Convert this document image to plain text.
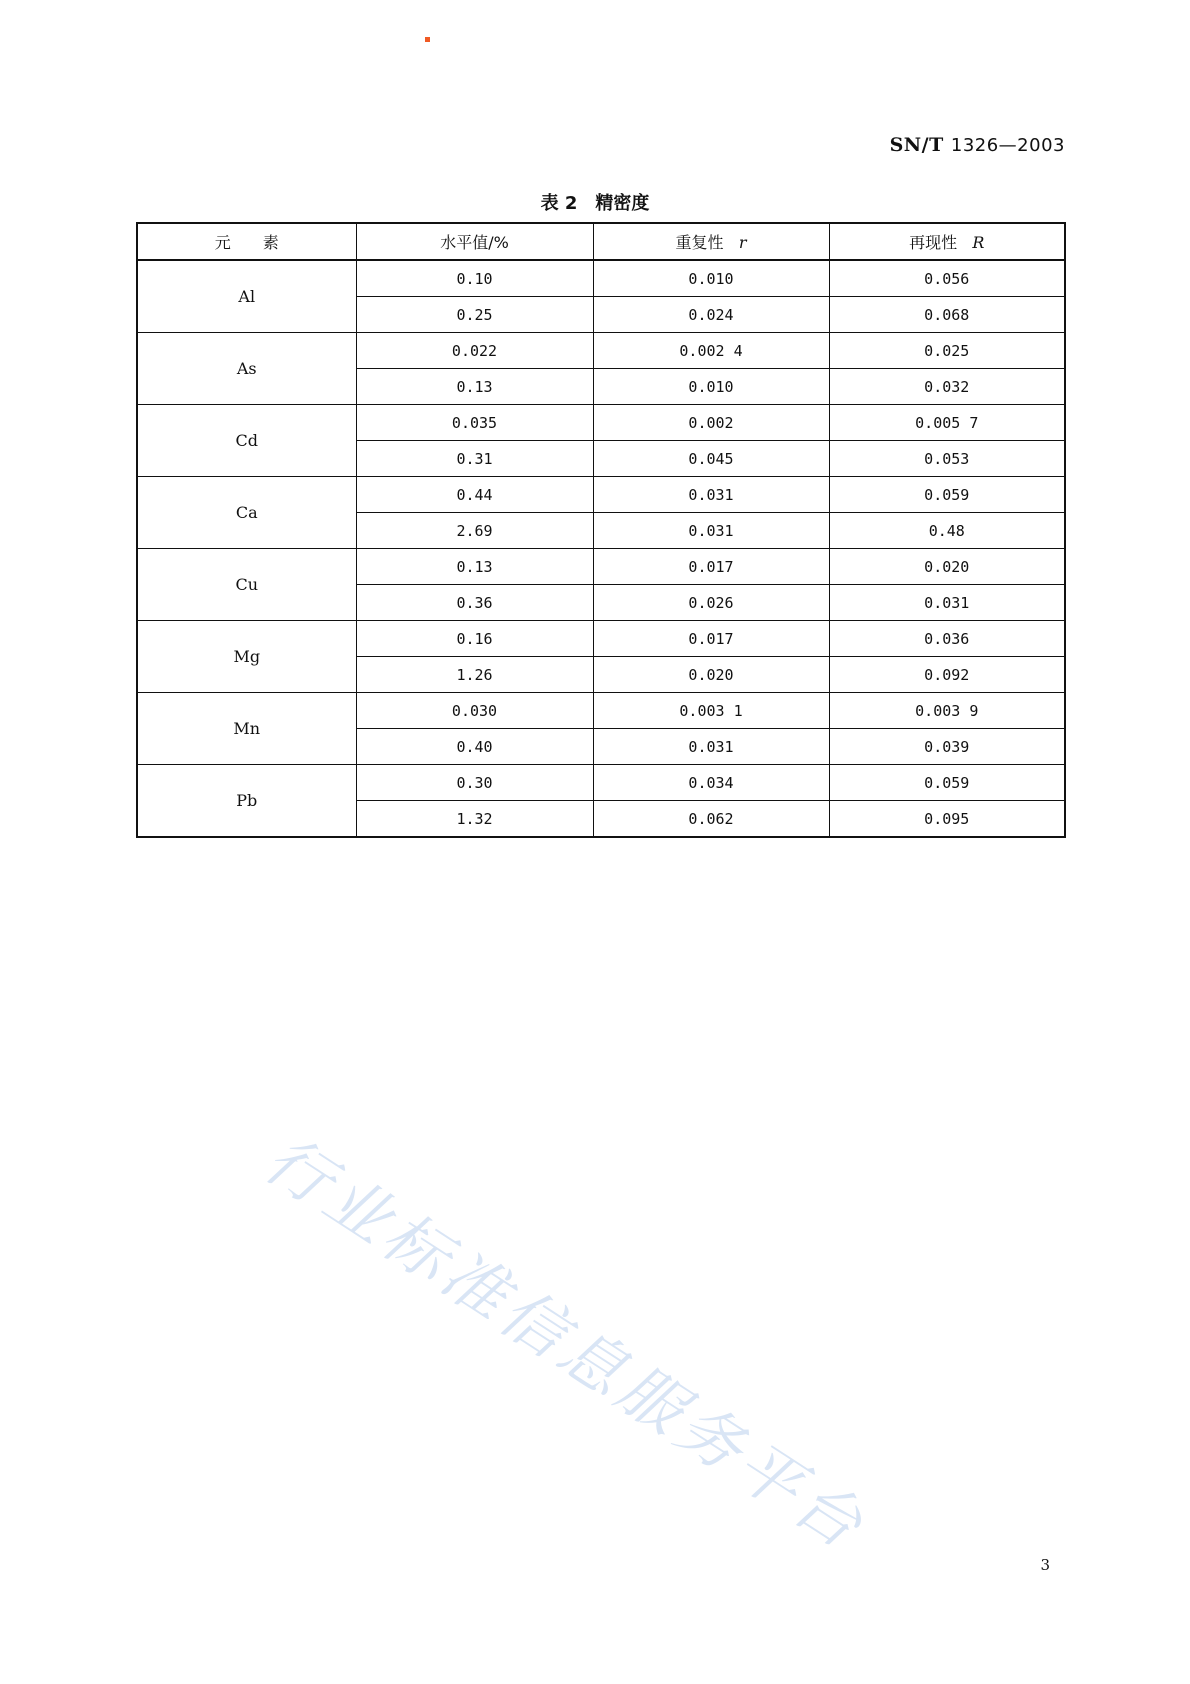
SN/T 1326—2003
表 2 精密度
元　　素	水平值/%	重复性 r	再现性 R
Al	0.10	0.010	0.056
	0.25	0.024	0.068
As	0.022	0.002 4	0.025
	0.13	0.010	0.032
Cd	0.035	0.002	0.005 7
	0.31	0.045	0.053
Ca	0.44	0.031	0.059
	2.69	0.031	0.48
Cu	0.13	0.017	0.020
	0.36	0.026	0.031
Mg	0.16	0.017	0.036
	1.26	0.020	0.092
Mn	0.030	0.003 1	0.003 9
	0.40	0.031	0.039
Pb	0.30	0.034	0.059
	1.32	0.062	0.095
行业标准信息服务平台	3
